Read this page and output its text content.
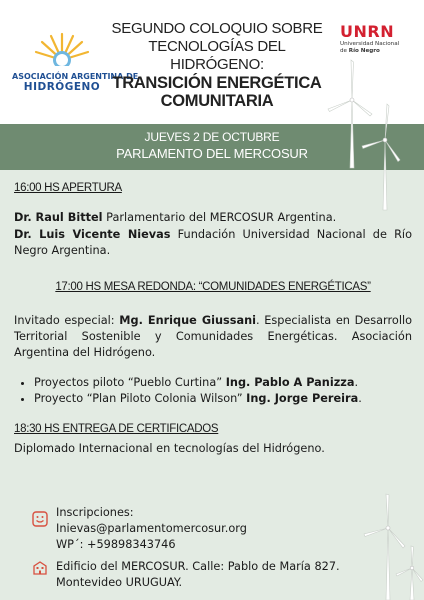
ASOCIACIÓN ARGENTINA DE
HIDRÓGENO
SEGUNDO COLOQUIO SOBRE
TECNOLOGÍAS DEL HIDRÓGENO:
TRANSICIÓN ENERGÉTICA
COMUNITARIA
UNRN
Universidad Nacional
de Río Negro
JUEVES 2 DE OCTUBRE
PARLAMENTO DEL MERCOSUR
16:00 HS APERTURA
Dr. Raul Bittel Parlamentario del MERCOSUR Argentina.
Dr. Luis Vicente Nievas Fundación Universidad Nacional de Río Negro Argentina.
17:00 HS MESA REDONDA: “COMUNIDADES ENERGÉTICAS”
Invitado especial: Mg. Enrique Giussani. Especialista en Desarrollo Territorial Sostenible y Comunidades Energéticas. Asociación Argentina del Hidrógeno.
• Proyectos piloto “Pueblo Curtina” Ing. Pablo A Panizza.
• Proyecto “Plan Piloto Colonia Wilson” Ing. Jorge Pereira.
18:30 HS ENTREGA DE CERTIFICADOS
Diplomado Internacional en tecnologías del Hidrógeno.
Inscripciones:
Inievas@parlamentomercosur.org
WP´: +59898343746
Edificio del MERCOSUR. Calle: Pablo de María 827.
Montevideo URUGUAY.
